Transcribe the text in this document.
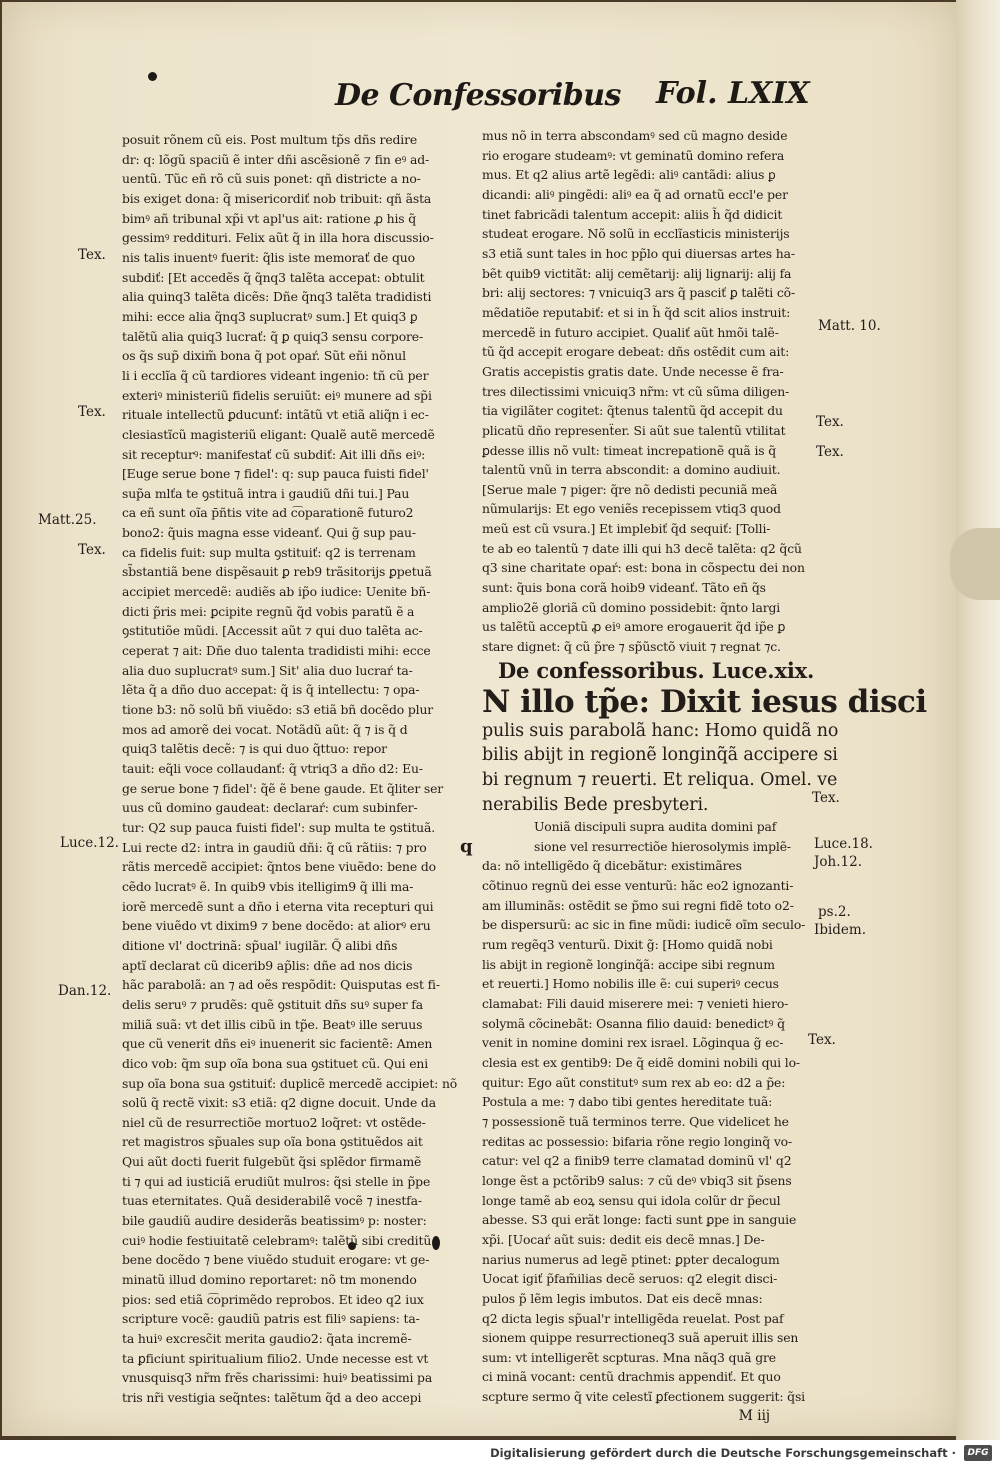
De Confessoribus Fol. LXIX
posuit rõnem cũ eis. Post multum tp̃s dñs redire
dr: q: lõgũ spaciũ ẽ inter dñi ascẽsionẽ ⁊ fin eꝰ ad-
uentũ. Tũc eñ rõ cũ suis ponet: qñ districte a no-
bis exiget dona: q̃ misericordiť nob tribuit: qñ ãsta
bimꝰ añ tribunal xp̃i vt apl'us ait: ratione ꝓ his q̃
gessimꝰ reddituri. Felix aũt q̃ in illa hora discussio-
nis talis inuentꝰ fuerit: q̃lis iste memorať de quo
subdiť: [Et accedẽs q̃ q̃nq3 talẽta accepat: obtulit
alia quinq3 talẽta dicẽs: Dñe q̃nq3 talẽta tradidisti
mihi: ecce alia q̃nq3 suplucratꝰ sum.] Et quiq3 ꝑ
talẽtũ alia quiq3 lucrať: q̃ ꝑ quiq3 sensu corpore-
os q̃s sup̃ dixim̃ bona q̃ pot opaŕ. Sũt eñi nõnul
li i ecclĩa q̃ cũ tardiores videant ingenio: tñ cũ per
exteriꝰ ministeriũ fidelis seruiũt: eiꝰ munere ad sp̃i
rituale intellectũ ꝑducunť: intãtũ vt etiã aliq̃n i ec-
clesiastĩcũ magisteriũ eligant: Qualẽ autẽ mercedẽ
sit recepturꝰ: manifestať cũ subdiť: Ait illi dñs eiꝰ:
[Euge serue bone ⁊ fidel': q: sup pauca fuisti fidel'
sup̃a mlťa te ꝯstituã intra i gaudiũ dñi tui.] Pau
ca eñ sunt oĩa p̄ñtis vite ad c͡oparationẽ futuro2
bono2: q̃uis magna esse videanť. Qui g̃ sup pau-
ca fidelis fuit: sup multa ꝯstituiť: q2 is terrenam
sb̃stantiã bene dispẽsauit ꝑ reb9 trãsitorijs ꝑpetuã
accipiet mercedẽ: audiẽs ab ip̃o iudice: Uenite bñ-
dicti p̃ris mei: ꝑcipite regnũ q̃d vobis paratũ ẽ a
ꝯstitutiõe mũdi. [Accessit aũt ⁊ qui duo talẽta ac-
ceperat ⁊ ait: Dñe duo talenta tradidisti mihi: ecce
alia duo suplucratꝰ sum.] Sit' alia duo lucraŕ ta-
lẽta q̃ a dño duo accepat: q̃ is q̃ intellectu: ⁊ opa-
tione b3: nõ solũ bñ viuẽdo: s3 etiã bñ docẽdo plur
mos ad amorẽ dei vocat. Notãdũ aũt: q̃ ⁊ is q̃ d
quiq3 talẽtis decẽ: ⁊ is qui duo q̃ttuo: repor
tauit: eq̃li voce collaudanť: q̃ vtriq3 a dño d2: Eu-
ge serue bone ⁊ fidel': q̃ẽ ẽ bene gaude. Et q̃liter ser
uus cũ domino gaudeat: declaraŕ: cum subinfer-
tur: Q2 sup pauca fuisti fidel': sup multa te ꝯstituã.
Lui recte d2: intra in gaudiũ dñi: q̃ cũ rãtiis: ⁊ pro
rãtis mercedẽ accipiet: q̃ntos bene viuẽdo: bene do
cẽdo lucratꝰ ẽ. In quib9 vbis itelligim9 q̃ illi ma-
iorẽ mercedẽ sunt a dño i eterna vita recepturi qui
bene viuẽdo vt dixim9 ⁊ bene docẽdo: at aliorꝰ eru
ditione vl' doctrinã: sp̃ual' iugilãr. Q̃ alibi dñs
aptĩ declarat cũ dicerib9 ap̃lis: dñe ad nos dicis
hãc parabolã: an ⁊ ad oẽs respõdit: Quisputas est fi-
delis seruꝰ ⁊ prudẽs: quẽ ꝯstituit dñs suꝰ super fa
miliã suã: vt det illis cibũ in tp̃e. Beatꝰ ille seruus
que cũ venerit dñs eiꝰ inuenerit sic facientẽ: Amen
dico vob: q̃m sup oĩa bona sua ꝯstituet cũ. Qui eni
sup oĩa bona sua ꝯstituiť: duplicẽ mercedẽ accipiet: nõ
solũ q̃ rectẽ vixit: s3 etiã: q2 digne docuit. Unde da
niel cũ de resurrectiõe mortuo2 loq̃ret: vt ostẽde-
ret magistros sp̃uales sup oĩa bona ꝯstituẽdos ait
Qui aũt docti fuerit fulgebũt q̃si splẽdor firmamẽ
ti ⁊ qui ad iusticiã erudiũt mulros: q̃si stelle in p̃pe
tuas eternitates. Quã desiderabilẽ vocẽ ⁊ inestfa-
bile gaudiũ audire desiderãs beatissimꝰ p: noster:
cuiꝰ hodie festiuitatẽ celebramꝰ: talẽtũ sibi creditũ
bene docẽdo ⁊ bene viuẽdo studuit erogare: vt ge-
minatũ illud domino reportaret: nõ tm monendo
pios: sed etiã c͡oprimẽdo reprobos. Et ideo q2 iux
scripture vocẽ: gaudiũ patris est filiꝰ sapiens: ta-
ta huiꝰ excresc̃it merita gaudio2: q̃ata incremẽ-
ta ꝑficiunt spiritualium filio2. Unde necesse est vt
vnusquisq3 nr̃m frẽs charissimi: huiꝰ beatissimi pa
tris nr̃i vestigia seq̃ntes: talẽtum q̃d a deo accepi
mus nõ in terra abscondamꝰ sed cũ magno deside
rio erogare studeamꝰ: vt geminatũ domino refera
mus. Et q2 alius artẽ legẽdi: aliꝰ cantãdi: alius ꝑ
dicandi: aliꝰ pingẽdi: aliꝰ ea q̃ ad ornatũ eccl'e per
tinet fabricãdi talentum accepit: aliis h̃ q̃d didicit
studeat erogare. Nõ solũ in ecclĩasticis ministerijs
s3 etiã sunt tales in hoc pp̃lo qui diuersas artes ha-
bẽt quib9 victitãt: alij cemẽtarij: alij lignarij: alij fa
bri: alij sectores: ⁊ vnicuiq3 ars q̃ pasciť ꝑ talẽti cõ-
mẽdatiõe reputabiť: et si in h̃ q̃d scit alios instruit:
mercedẽ in futuro accipiet. Qualiť aũt hmõi talẽ-
tũ q̃d accepit erogare debeat: dñs ostẽdit cum ait:
Gratis accepistis gratis date. Unde necesse ẽ fra-
tres dilectissimi vnicuiq3 nr̃m: vt cũ sũma diligen-
tia vigilãter cogitet: q̃tenus talentũ q̃d accepit du
plicatũ dño represenẗer. Si aũt sue talentũ vtilitat
ꝑdesse illis nõ vult: timeat increpationẽ quã is q̃
talentũ vnũ in terra abscondit: a domino audiuit.
[Serue male ⁊ piger: q̃re nõ dedisti pecuniã meã
nũmularijs: Et ego veniẽs recepissem vtiq3 quod
meũ est cũ vsura.] Et implebiť q̃d sequiť: [Tolli-
te ab eo talentũ ⁊ date illi qui h3 decẽ talẽta: q2 q̃cũ
q3 sine charitate opaŕ: est: bona in cõspectu dei non
sunt: q̃uis bona corã hoib9 videanť. Tãto eñ q̃s
amplio2ẽ gloriã cũ domino possidebit: q̃nto largi
us talẽtũ acceptũ ꝓ eiꝰ amore erogauerit q̃d ip̃e ꝑ
stare dignet: q̃ cũ p̃re ⁊ sp̃ũsctõ viuit ⁊ regnat ⁊c.
De confessoribus. Luce.xix.
N illo tp̃e: Dixit iesus disci
pulis suis parabolã hanc: Homo quidã no
bilis abijt in regionẽ longinq̃ã accipere si
bi regnum ⁊ reuerti. Et reliqua. Omel. ve
nerabilis Bede presbyteri.
q
Uoniã discipuli supra audita domini paf
sione vel resurrectiõe hierosolymis implẽ-
da: nõ intelligẽdo q̃ dicebãtur: existimãres
cõtinuo regnũ dei esse venturũ: hãc eo2 ignozanti-
am illuminãs: ostẽdit se p̃mo sui regni fidẽ toto o2-
be dispersurũ: ac sic in fine mũdi: iudicẽ oĩm seculo-
rum regẽq3 venturũ. Dixit g̃: [Homo quidã nobi
lis abijt in regionẽ longinq̃ã: accipe sibi regnum
et reuerti.] Homo nobilis ille ẽ: cui superiꝰ cecus
clamabat: Fili dauid miserere mei: ⁊ venieti hiero-
solymã cõcinebãt: Osanna filio dauid: benedictꝰ q̃
venit in nomine domini rex israel. Lõginqua g̃ ec-
clesia est ex gentib9: De q̃ eidẽ domini nobili qui lo-
quitur: Ego aũt constitutꝰ sum rex ab eo: d2 a p̃e:
Postula a me: ⁊ dabo tibi gentes hereditate tuã:
⁊ possessionẽ tuã terminos terre. Que videlicet he
reditas ac possessio: bifaria rõne regio longinq̃ vo-
catur: vel q2 a finib9 terre clamatad dominũ vl' q2
longe ẽst a pctõrib9 salus: ⁊ cũ deꝰ vbiq3 sit p̃sens
longe tamẽ ab eoꝝ sensu qui idola colũr dr p̃ecul
abesse. S3 qui erãt longe: facti sunt ꝑpe in sanguie
xp̃i. [Uocaŕ aũt suis: dedit eis decẽ mnas.] De-
narius numerus ad legẽ ptinet: ꝑpter decalogum
Uocat igiť p̃fam̃ilias decẽ seruos: q2 elegit disci-
pulos p̃ lẽm legis imbutos. Dat eis decẽ mnas:
q2 dicta legis sp̃ual'r intelligẽda reuelat. Post paf
sionem quippe resurrectioneq3 suã aperuit illis sen
sum: vt intelligerẽt scpturas. Mna nãq3 quã gre
ci minã vocant: centũ drachmis appendiť. Et quo
scpture sermo q̃ vite celestĩ ꝑfectionem suggerit: q̃si
M iij
Tex.
Tex.
Matt.25.
Tex.
Luce.12.
Dan.12.
Matt. 10.
Tex.
Tex.
Tex.
Luce.18.
Joh.12.
ps.2.
Ibidem.
Tex.
Digitalisierung gefördert durch die Deutsche Forschungsgemeinschaft ·	DFG
